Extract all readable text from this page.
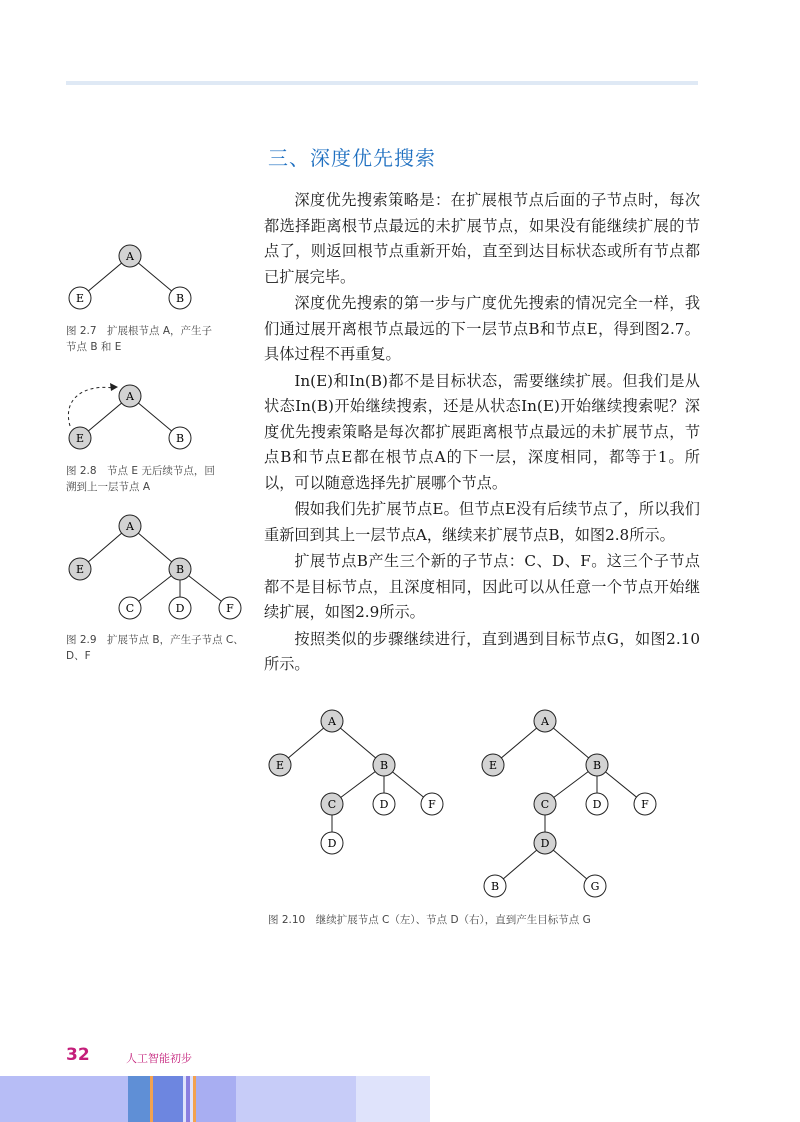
三、深度优先搜索

深度优先搜索策略是：在扩展根节点后面的子节点时，每次都选择距离根节点最远的未扩展节点，如果没有能继续扩展的节点了，则返回根节点重新开始，直至到达目标状态或所有节点都已扩展完毕。

深度优先搜索的第一步与广度优先搜索的情况完全一样，我们通过展开离根节点最远的下一层节点B和节点E，得到图2.7。具体过程不再重复。

In(E)和In(B)都不是目标状态，需要继续扩展。但我们是从状态In(B)开始继续搜索，还是从状态In(E)开始继续搜索呢？深度优先搜索策略是每次都扩展距离根节点最远的未扩展节点，节点B和节点E都在根节点A的下一层，深度相同，都等于1。所以，可以随意选择先扩展哪个节点。

假如我们先扩展节点E。但节点E没有后续节点了，所以我们重新回到其上一层节点A，继续来扩展节点B，如图2.8所示。

扩展节点B产生三个新的子节点：C、D、F。这三个子节点都不是目标节点，且深度相同，因此可以从任意一个节点开始继续扩展，如图2.9所示。

按照类似的步骤继续进行，直到遇到目标节点G，如图2.10所示。

A
E	B
图 2.7　扩展根节点 A，产生子节点 B 和 E
A
E	B
图 2.8　节点 E 无后续节点，回溯到上一层节点 A
A
E	B
C	D	F
图 2.9　扩展节点 B，产生子节点 C、D、F
A
E	B
C	D	F
D
A
E	B
C	D	F
D
B	G
图 2.10　继续扩展节点 C（左）、节点 D（右），直到产生目标节点 G
32	人工智能初步
